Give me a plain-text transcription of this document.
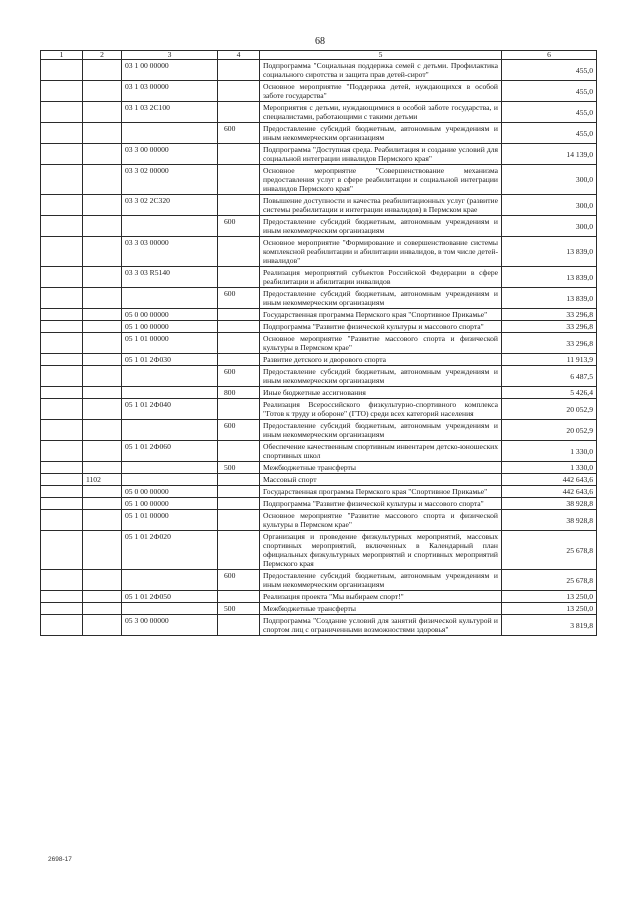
68
1	2	3	4	5	6
		03 1 00 00000		Подпрограмма "Социальная поддержка семей с детьми. Профилактика социального сиротства и защита прав детей-сирот"	455,0
		03 1 03 00000		Основное мероприятие "Поддержка детей, нуждающихся в особой заботе государства"	455,0
		03 1 03 2С100		Мероприятия с детьми, нуждающимися в особой заботе государства, и специалистами, работающими с такими детьми	455,0
			600	Предоставление субсидий бюджетным, автономным учреждениям и иным некоммерческим организациям	455,0
		03 3 00 00000		Подпрограмма "Доступная среда. Реабилитация и создание условий для социальной интеграции инвалидов Пермского края"	14 139,0
		03 3 02 00000		Основное мероприятие "Совершенствование механизма предоставления услуг в сфере реабилитации и социальной интеграции инвалидов Пермского края"	300,0
		03 3 02 2С320		Повышение доступности и качества реабилитационных услуг (развитие системы реабилитации и интеграции инвалидов) в Пермском крае	300,0
			600	Предоставление субсидий бюджетным, автономным учреждениям и иным некоммерческим организациям	300,0
		03 3 03 00000		Основное мероприятие "Формирование и совершенствование системы комплексной реабилитации и абилитации инвалидов, в том числе детей-инвалидов"	13 839,0
		03 3 03 R5140		Реализация мероприятий субъектов Российской Федерации в сфере реабилитации и абилитации инвалидов	13 839,0
			600	Предоставление субсидий бюджетным, автономным учреждениям и иным некоммерческим организациям	13 839,0
		05 0 00 00000		Государственная программа Пермского края "Спортивное Прикамье"	33 296,8
		05 1 00 00000		Подпрограмма "Развитие физической культуры и массового спорта"	33 296,8
		05 1 01 00000		Основное мероприятие "Развитие массового спорта и физической культуры в Пермском крае"	33 296,8
		05 1 01 2Ф030		Развитие детского и дворового спорта	11 913,9
			600	Предоставление субсидий бюджетным, автономным учреждениям и иным некоммерческим организациям	6 487,5
			800	Иные бюджетные ассигнования	5 426,4
		05 1 01 2Ф040		Реализация Всероссийского физкультурно-спортивного комплекса "Готов к труду и обороне" (ГТО) среди всех категорий населения	20 052,9
			600	Предоставление субсидий бюджетным, автономным учреждениям и иным некоммерческим организациям	20 052,9
		05 1 01 2Ф060		Обеспечение качественным спортивным инвентарем детско-юношеских спортивных школ	1 330,0
			500	Межбюджетные трансферты	1 330,0
	1102			Массовый спорт	442 643,6
		05 0 00 00000		Государственная программа Пермского края "Спортивное Прикамье"	442 643,6
		05 1 00 00000		Подпрограмма "Развитие физической культуры и массового спорта"	38 928,8
		05 1 01 00000		Основное мероприятие "Развитие массового спорта и физической культуры в Пермском крае"	38 928,8
		05 1 01 2Ф020		Организация и проведение физкультурных мероприятий, массовых спортивных мероприятий, включенных в Календарный план официальных физкультурных мероприятий и спортивных мероприятий Пермского края	25 678,8
			600	Предоставление субсидий бюджетным, автономным учреждениям и иным некоммерческим организациям	25 678,8
		05 1 01 2Ф050		Реализация проекта "Мы выбираем спорт!"	13 250,0
			500	Межбюджетные трансферты	13 250,0
		05 3 00 00000		Подпрограмма "Создание условий для занятий физической культурой и спортом лиц с ограниченными возможностями здоровья"	3 819,8
2698-17
